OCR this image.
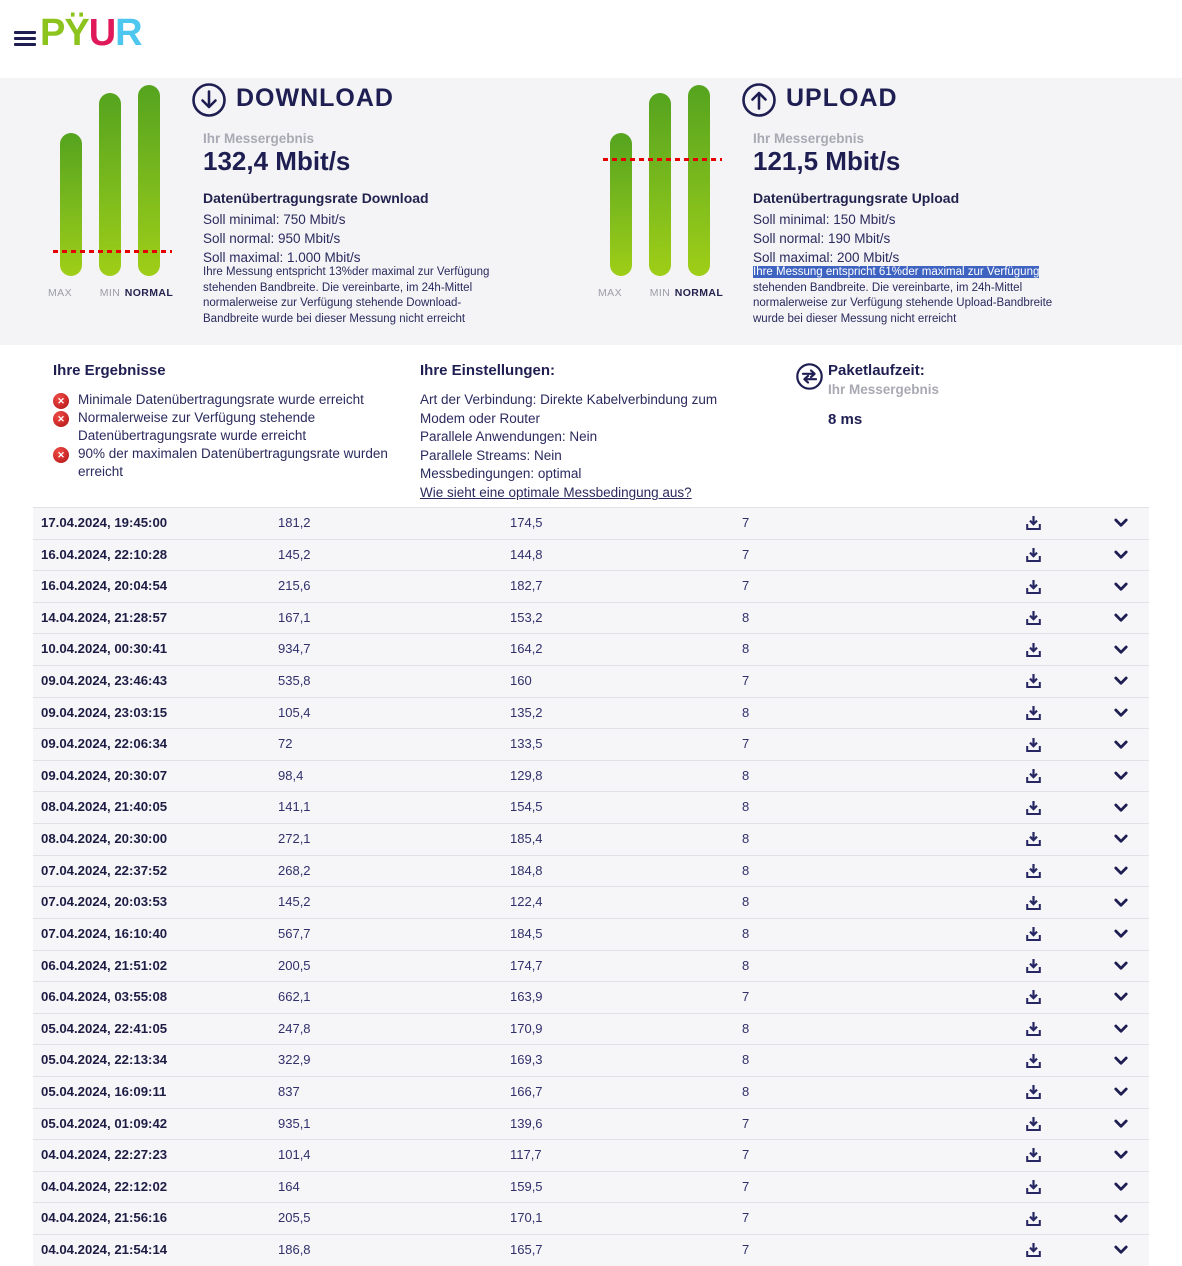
PŸUR
MIN NORMAL
MAX
DOWNLOAD
Ihr Messergebnis
132,4 Mbit/s
Datenübertragungsrate Download
Soll minimal: 750 Mbit/s
Soll normal: 950 Mbit/s
Soll maximal: 1.000 Mbit/s
Ihre Messung entspricht 13%der maximal zur Verfügung stehenden Bandbreite. Die vereinbarte, im 24h-Mittel normalerweise zur Verfügung stehende Download-Bandbreite wurde bei dieser Messung nicht erreicht
MIN NORMAL
MAX
UPLOAD
Ihr Messergebnis
121,5 Mbit/s
Datenübertragungsrate Upload
Soll minimal: 150 Mbit/s
Soll normal: 190 Mbit/s
Soll maximal: 200 Mbit/s
Ihre Messung entspricht 61%der maximal zur Verfügung stehenden Bandbreite. Die vereinbarte, im 24h-Mittel normalerweise zur Verfügung stehende Upload-Bandbreite wurde bei dieser Messung nicht erreicht
Ihre Ergebnisse
✕ Minimale Datenübertragungsrate wurde erreicht
✕ Normalerweise zur Verfügung stehende Datenübertragungsrate wurde erreicht
✕ 90% der maximalen Datenübertragungsrate wurden erreicht
Ihre Einstellungen:
Art der Verbindung: Direkte Kabelverbindung zum Modem oder Router
Parallele Anwendungen: Nein
Parallele Streams: Nein
Messbedingungen: optimal
Wie sieht eine optimale Messbedingung aus?
Paketlaufzeit:
Ihr Messergebnis
8 ms
17.04.2024, 19:45:00	181,2	174,5	7
16.04.2024, 22:10:28	145,2	144,8	7
16.04.2024, 20:04:54	215,6	182,7	7
14.04.2024, 21:28:57	167,1	153,2	8
10.04.2024, 00:30:41	934,7	164,2	8
09.04.2024, 23:46:43	535,8	160	7
09.04.2024, 23:03:15	105,4	135,2	8
09.04.2024, 22:06:34	72	133,5	7
09.04.2024, 20:30:07	98,4	129,8	8
08.04.2024, 21:40:05	141,1	154,5	8
08.04.2024, 20:30:00	272,1	185,4	8
07.04.2024, 22:37:52	268,2	184,8	8
07.04.2024, 20:03:53	145,2	122,4	8
07.04.2024, 16:10:40	567,7	184,5	8
06.04.2024, 21:51:02	200,5	174,7	8
06.04.2024, 03:55:08	662,1	163,9	7
05.04.2024, 22:41:05	247,8	170,9	8
05.04.2024, 22:13:34	322,9	169,3	8
05.04.2024, 16:09:11	837	166,7	8
05.04.2024, 01:09:42	935,1	139,6	7
04.04.2024, 22:27:23	101,4	117,7	7
04.04.2024, 22:12:02	164	159,5	7
04.04.2024, 21:56:16	205,5	170,1	7
04.04.2024, 21:54:14	186,8	165,7	7
